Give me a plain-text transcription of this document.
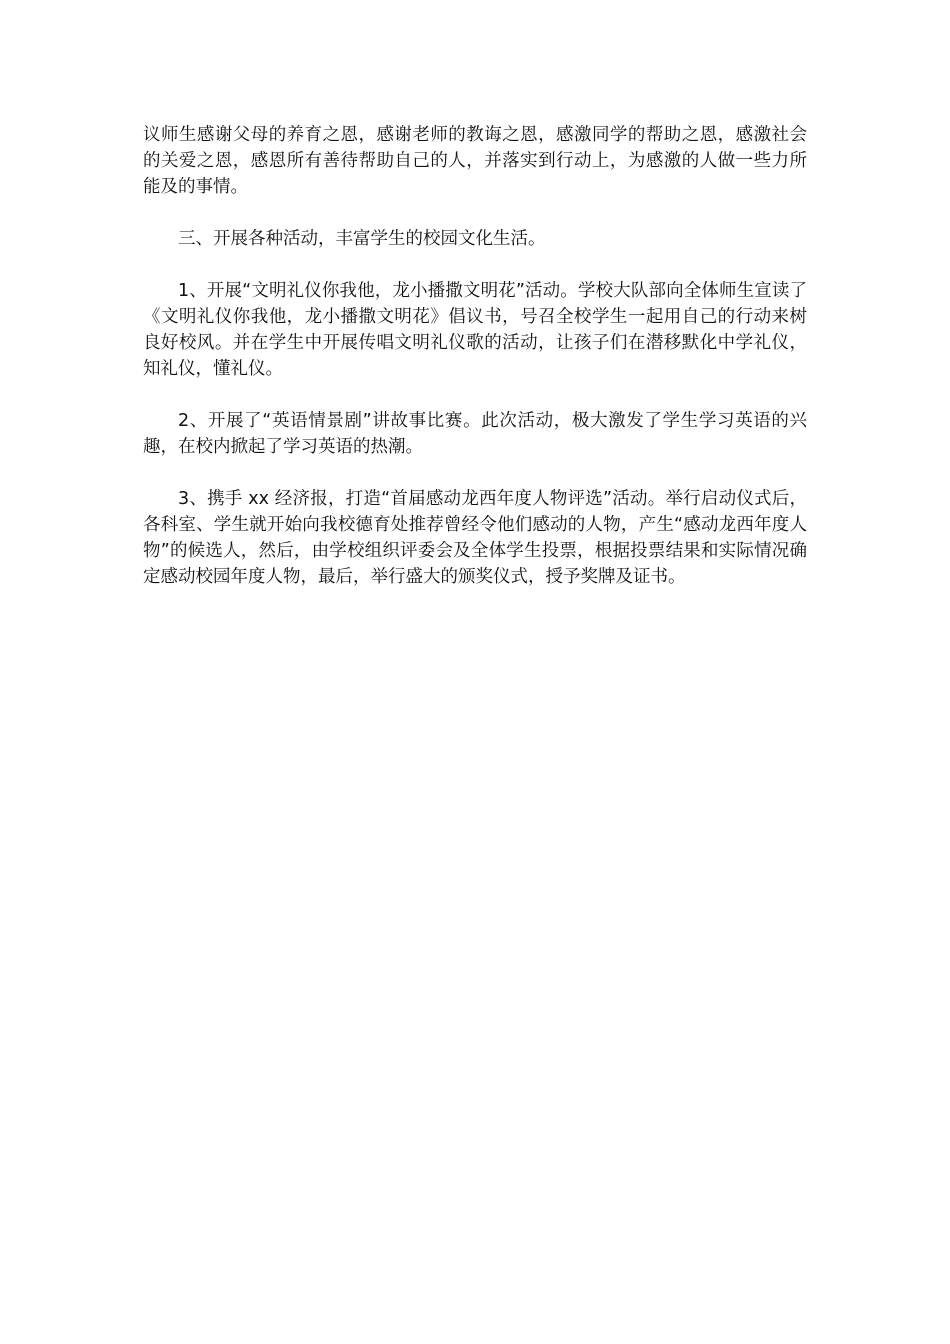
议师生感谢父母的养育之恩，感谢老师的教诲之恩，感激同学的帮助之恩，感激社会的关爱之恩，感恩所有善待帮助自己的人，并落实到行动上，为感激的人做一些力所能及的事情。

三、开展各种活动，丰富学生的校园文化生活。

1、开展“文明礼仪你我他，龙小播撒文明花”活动。学校大队部向全体师生宣读了《文明礼仪你我他，龙小播撒文明花》倡议书，号召全校学生一起用自己的行动来树良好校风。并在学生中开展传唱文明礼仪歌的活动，让孩子们在潜移默化中学礼仪，知礼仪，懂礼仪。

2、开展了“英语情景剧”讲故事比赛。此次活动，极大激发了学生学习英语的兴趣，在校内掀起了学习英语的热潮。

3、携手 xx 经济报，打造“首届感动龙西年度人物评选”活动。举行启动仪式后，各科室、学生就开始向我校德育处推荐曾经令他们感动的人物，产生“感动龙西年度人物”的候选人，然后，由学校组织评委会及全体学生投票，根据投票结果和实际情况确定感动校园年度人物，最后，举行盛大的颁奖仪式，授予奖牌及证书。
